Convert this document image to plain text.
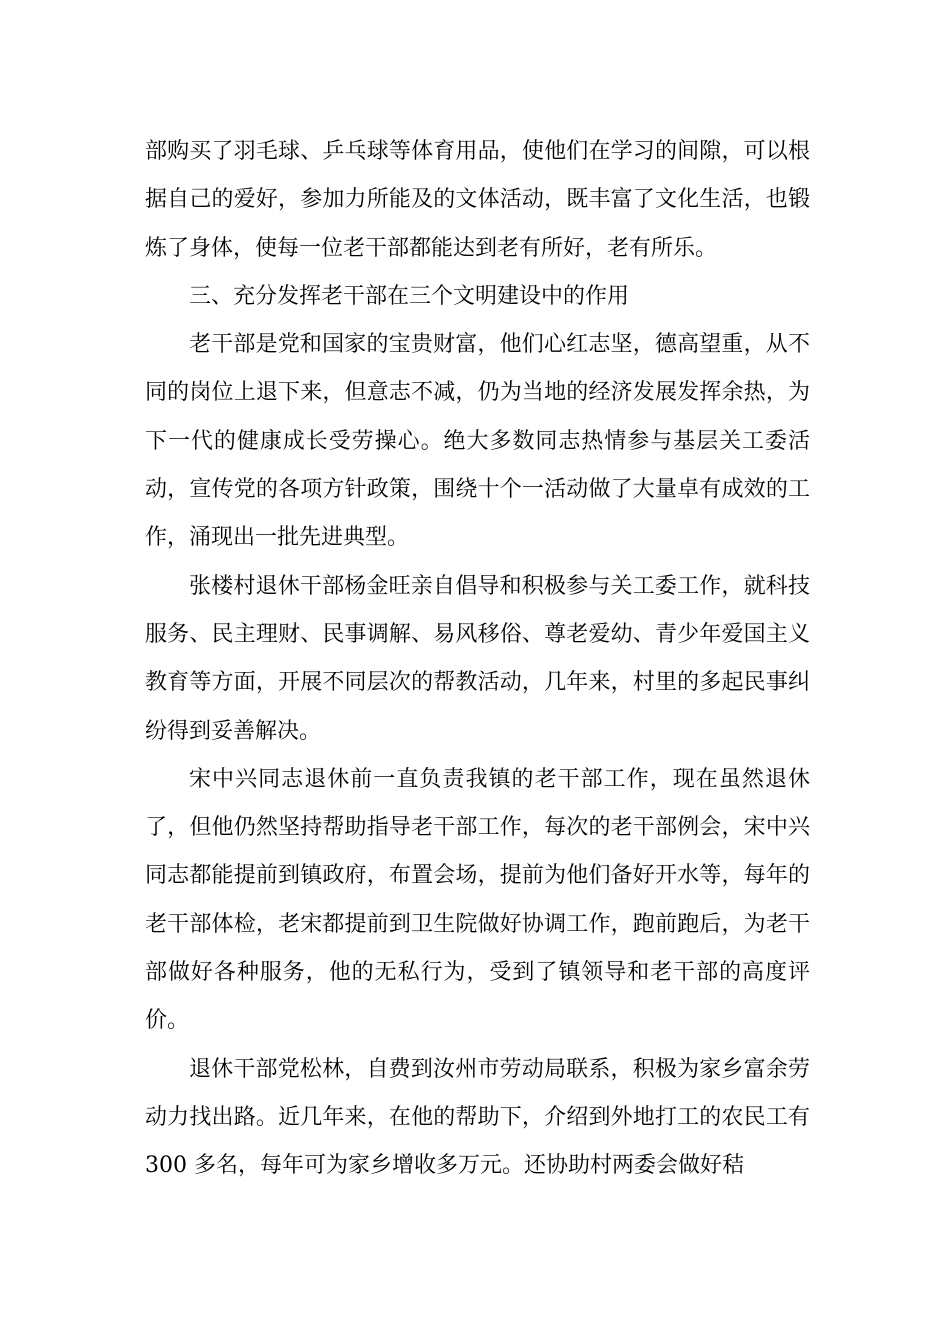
部购买了羽毛球、乒乓球等体育用品，使他们在学习的间隙，可以根据自己的爱好，参加力所能及的文体活动，既丰富了文化生活，也锻炼了身体，使每一位老干部都能达到老有所好，老有所乐。

三、充分发挥老干部在三个文明建设中的作用

老干部是党和国家的宝贵财富，他们心红志坚，德高望重，从不同的岗位上退下来，但意志不减，仍为当地的经济发展发挥余热，为下一代的健康成长受劳操心。绝大多数同志热情参与基层关工委活动，宣传党的各项方针政策，围绕十个一活动做了大量卓有成效的工作，涌现出一批先进典型。

张楼村退休干部杨金旺亲自倡导和积极参与关工委工作，就科技服务、民主理财、民事调解、易风移俗、尊老爱幼、青少年爱国主义教育等方面，开展不同层次的帮教活动，几年来，村里的多起民事纠纷得到妥善解决。

宋中兴同志退休前一直负责我镇的老干部工作，现在虽然退休了，但他仍然坚持帮助指导老干部工作，每次的老干部例会，宋中兴同志都能提前到镇政府，布置会场，提前为他们备好开水等，每年的老干部体检，老宋都提前到卫生院做好协调工作，跑前跑后，为老干部做好各种服务，他的无私行为，受到了镇领导和老干部的高度评价。

退休干部党松林，自费到汝州市劳动局联系，积极为家乡富余劳动力找出路。近几年来，在他的帮助下，介绍到外地打工的农民工有 300 多名，每年可为家乡增收多万元。还协助村两委会做好秸
